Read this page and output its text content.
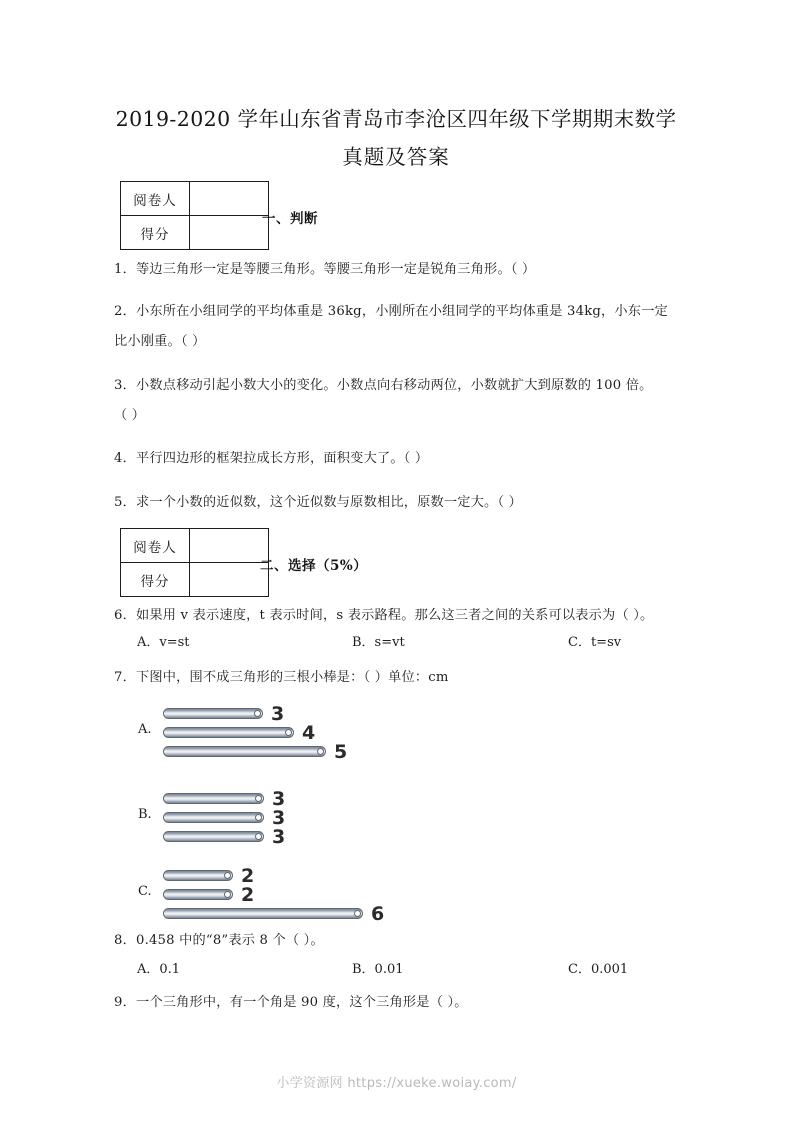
2019-2020 学年山东省青岛市李沧区四年级下学期期末数学
真题及答案
阅卷人	
得分	
一、判断
1．等边三角形一定是等腰三角形。等腰三角形一定是锐角三角形。（ ）
2．小东所在小组同学的平均体重是 36kg，小刚所在小组同学的平均体重是 34kg，小东一定
比小刚重。（ ）
3．小数点移动引起小数大小的变化。小数点向右移动两位，小数就扩大到原数的 100 倍。
（ ）
4．平行四边形的框架拉成长方形，面积变大了。（ ）
5．求一个小数的近似数，这个近似数与原数相比，原数一定大。（ ）
阅卷人	
得分	
二、选择（5%）
6．如果用 v 表示速度，t 表示时间，s 表示路程。那么这三者之间的关系可以表示为（ ）。
A．v=st	B．s=vt	C．t=sv
7．下图中，围不成三角形的三根小棒是：（ ）单位：cm
A.
3
4
5
B.
3
3
3
C.
2
2
6
8．0.458 中的“8”表示 8 个（ ）。
A．0.1	B．0.01	C．0.001
9．一个三角形中，有一个角是 90 度，这个三角形是（ ）。
小学资源网 https://xueke.woiay.com/
